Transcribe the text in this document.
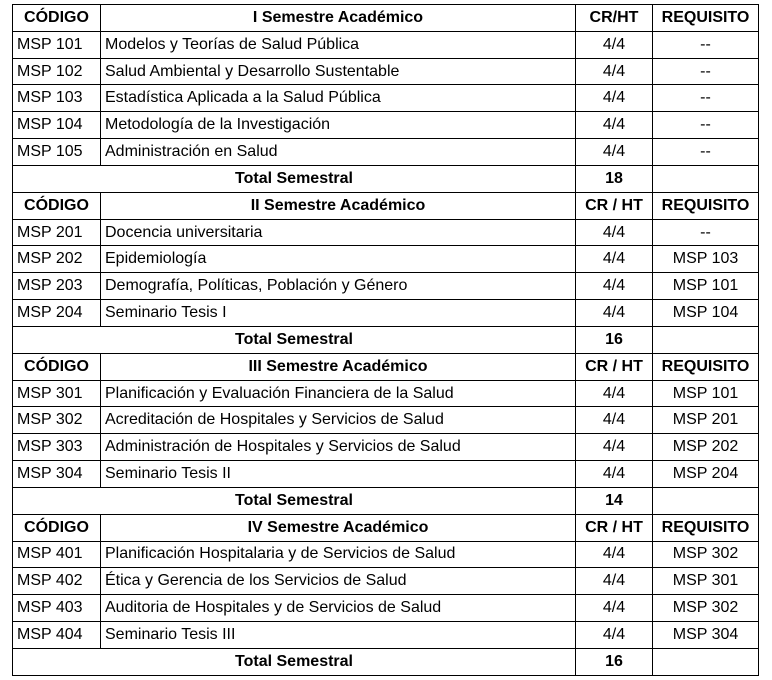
CÓDIGO	I Semestre Académico	CR/HT	REQUISITO
MSP 101	Modelos y Teorías de Salud Pública	4/4	--
MSP 102	Salud Ambiental y Desarrollo Sustentable	4/4	--
MSP 103	Estadística Aplicada a la Salud Pública	4/4	--
MSP 104	Metodología de la Investigación	4/4	--
MSP 105	Administración en Salud	4/4	--
Total Semestral		18	
CÓDIGO	II Semestre Académico	CR / HT	REQUISITO
MSP 201	Docencia universitaria	4/4	--
MSP 202	Epidemiología	4/4	MSP 103
MSP 203	Demografía, Políticas, Población y Género	4/4	MSP 101
MSP 204	Seminario Tesis I	4/4	MSP 104
Total Semestral		16	
CÓDIGO	III Semestre Académico	CR / HT	REQUISITO
MSP 301	Planificación y Evaluación Financiera de la Salud	4/4	MSP 101
MSP 302	Acreditación de Hospitales y Servicios de Salud	4/4	MSP 201
MSP 303	Administración de Hospitales y Servicios de Salud	4/4	MSP 202
MSP 304	Seminario Tesis II	4/4	MSP 204
Total Semestral		14	
CÓDIGO	IV Semestre Académico	CR / HT	REQUISITO
MSP 401	Planificación Hospitalaria y de Servicios de Salud	4/4	MSP 302
MSP 402	Ética y Gerencia de los Servicios de Salud	4/4	MSP 301
MSP 403	Auditoria de Hospitales y de Servicios de Salud	4/4	MSP 302
MSP 404	Seminario Tesis III	4/4	MSP 304
Total Semestral		16	
